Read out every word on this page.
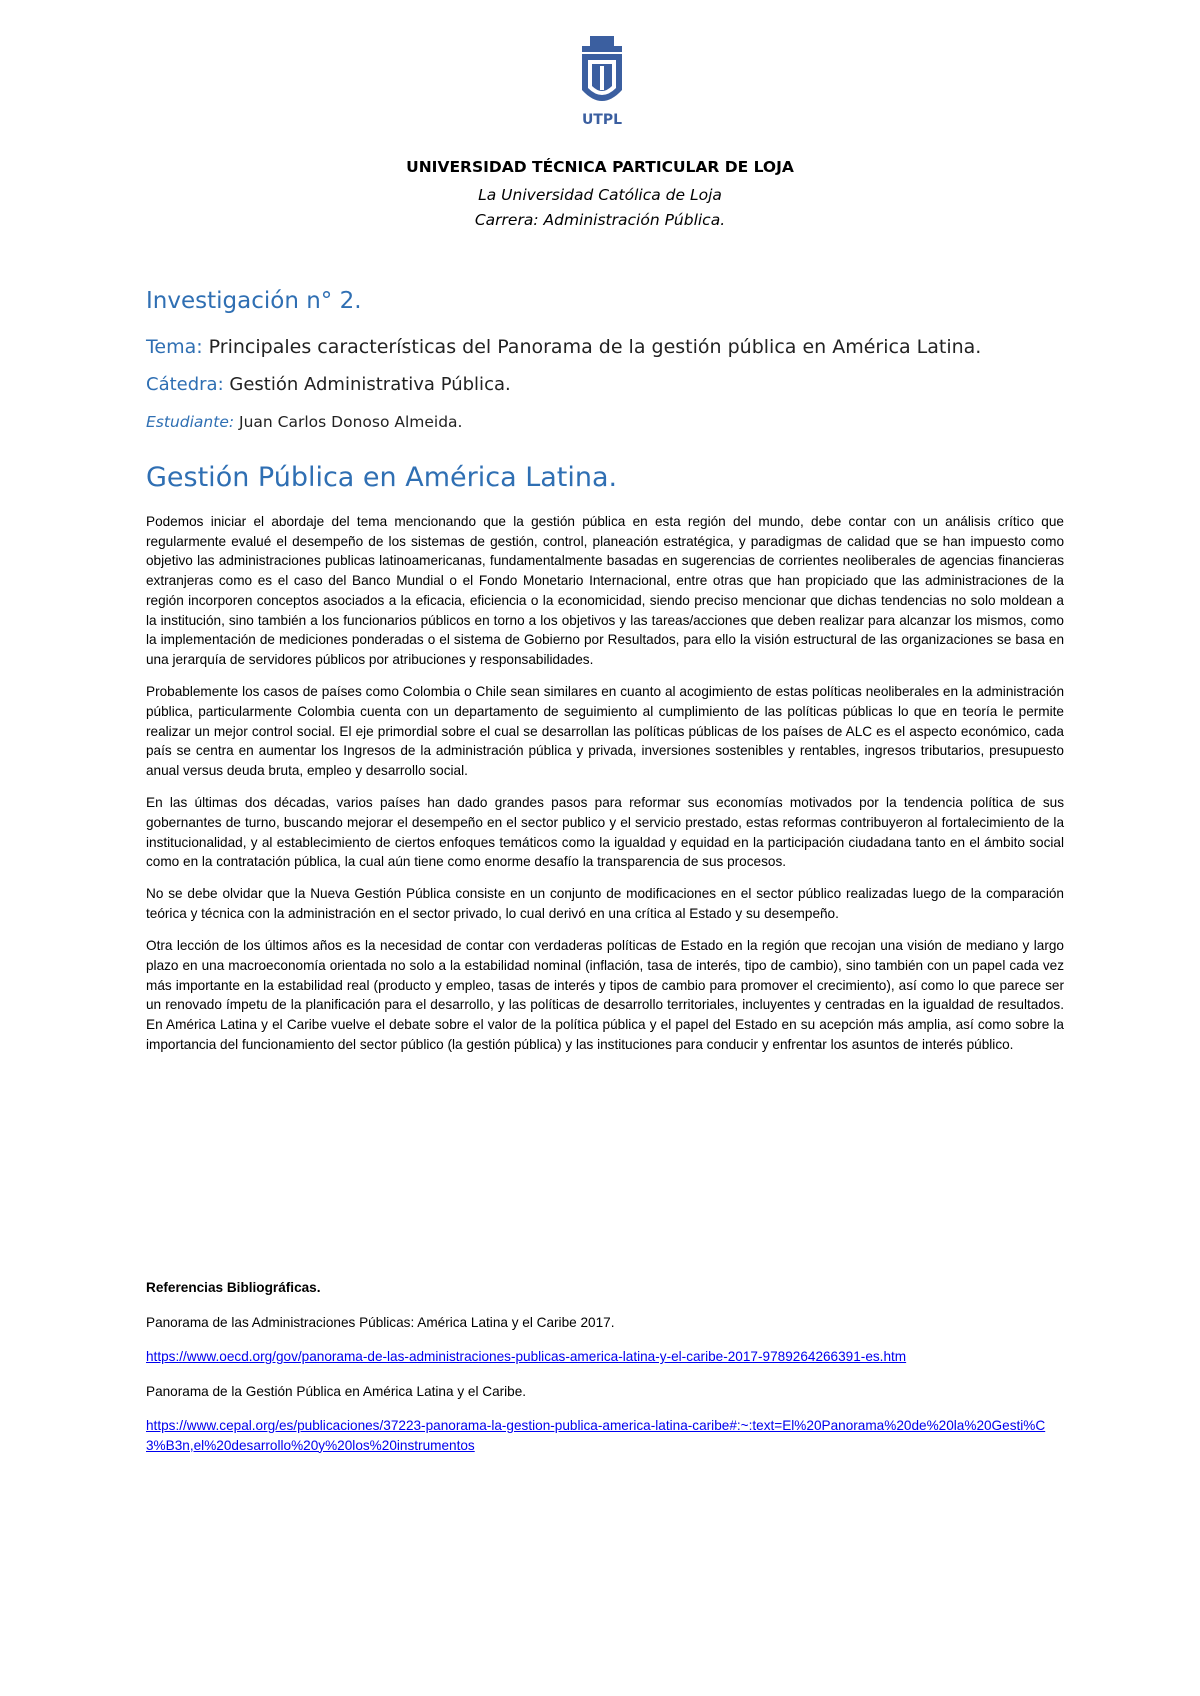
UTPL
UNIVERSIDAD TÉCNICA PARTICULAR DE LOJA
La Universidad Católica de Loja
Carrera: Administración Pública.
Investigación n° 2.
Tema: Principales características del Panorama de la gestión pública en América Latina.
Cátedra: Gestión Administrativa Pública.
Estudiante: Juan Carlos Donoso Almeida.
Gestión Pública en América Latina.

Podemos iniciar el abordaje del tema mencionando que la gestión pública en esta región del mundo, debe contar con un análisis crítico que regularmente evalué el desempeño de los sistemas de gestión, control, planeación estratégica, y paradigmas de calidad que se han impuesto como objetivo las administraciones publicas latinoamericanas, fundamentalmente basadas en sugerencias de corrientes neoliberales de agencias financieras extranjeras como es el caso del Banco Mundial o el Fondo Monetario Internacional, entre otras que han propiciado que las administraciones de la región incorporen conceptos asociados a la eficacia, eficiencia o la economicidad, siendo preciso mencionar que dichas tendencias no solo moldean a la institución, sino también a los funcionarios públicos en torno a los objetivos y las tareas/acciones que deben realizar para alcanzar los mismos, como la implementación de mediciones ponderadas o el sistema de Gobierno por Resultados, para ello la visión estructural de las organizaciones se basa en una jerarquía de servidores públicos por atribuciones y responsabilidades.

Probablemente los casos de países como Colombia o Chile sean similares en cuanto al acogimiento de estas políticas neoliberales en la administración pública, particularmente Colombia cuenta con un departamento de seguimiento al cumplimiento de las políticas públicas lo que en teoría le permite realizar un mejor control social. El eje primordial sobre el cual se desarrollan las políticas públicas de los países de ALC es el aspecto económico, cada país se centra en aumentar los Ingresos de la administración pública y privada, inversiones sostenibles y rentables, ingresos tributarios, presupuesto anual versus deuda bruta, empleo y desarrollo social.

En las últimas dos décadas, varios países han dado grandes pasos para reformar sus economías motivados por la tendencia política de sus gobernantes de turno, buscando mejorar el desempeño en el sector publico y el servicio prestado, estas reformas contribuyeron al fortalecimiento de la institucionalidad, y al establecimiento de ciertos enfoques temáticos como la igualdad y equidad en la participación ciudadana tanto en el ámbito social como en la contratación pública, la cual aún tiene como enorme desafío la transparencia de sus procesos.

No se debe olvidar que la Nueva Gestión Pública consiste en un conjunto de modificaciones en el sector público realizadas luego de la comparación teórica y técnica con la administración en el sector privado, lo cual derivó en una crítica al Estado y su desempeño.

Otra lección de los últimos años es la necesidad de contar con verdaderas políticas de Estado en la región que recojan una visión de mediano y largo plazo en una macroeconomía orientada no solo a la estabilidad nominal (inflación, tasa de interés, tipo de cambio), sino también con un papel cada vez más importante en la estabilidad real (producto y empleo, tasas de interés y tipos de cambio para promover el crecimiento), así como lo que parece ser un renovado ímpetu de la planificación para el desarrollo, y las políticas de desarrollo territoriales, incluyentes y centradas en la igualdad de resultados. En América Latina y el Caribe vuelve el debate sobre el valor de la política pública y el papel del Estado en su acepción más amplia, así como sobre la importancia del funcionamiento del sector público (la gestión pública) y las instituciones para conducir y enfrentar los asuntos de interés público.

Referencias Bibliográficas.

Panorama de las Administraciones Públicas: América Latina y el Caribe 2017.

https://www.oecd.org/gov/panorama-de-las-administraciones-publicas-america-latina-y-el-caribe-2017-9789264266391-es.htm

Panorama de la Gestión Pública en América Latina y el Caribe.

https://www.cepal.org/es/publicaciones/37223-panorama-la-gestion-publica-america-latina-caribe#:~:text=El%20Panorama%20de%20la%20Gesti%C3%B3n,el%20desarrollo%20y%20los%20instrumentos
